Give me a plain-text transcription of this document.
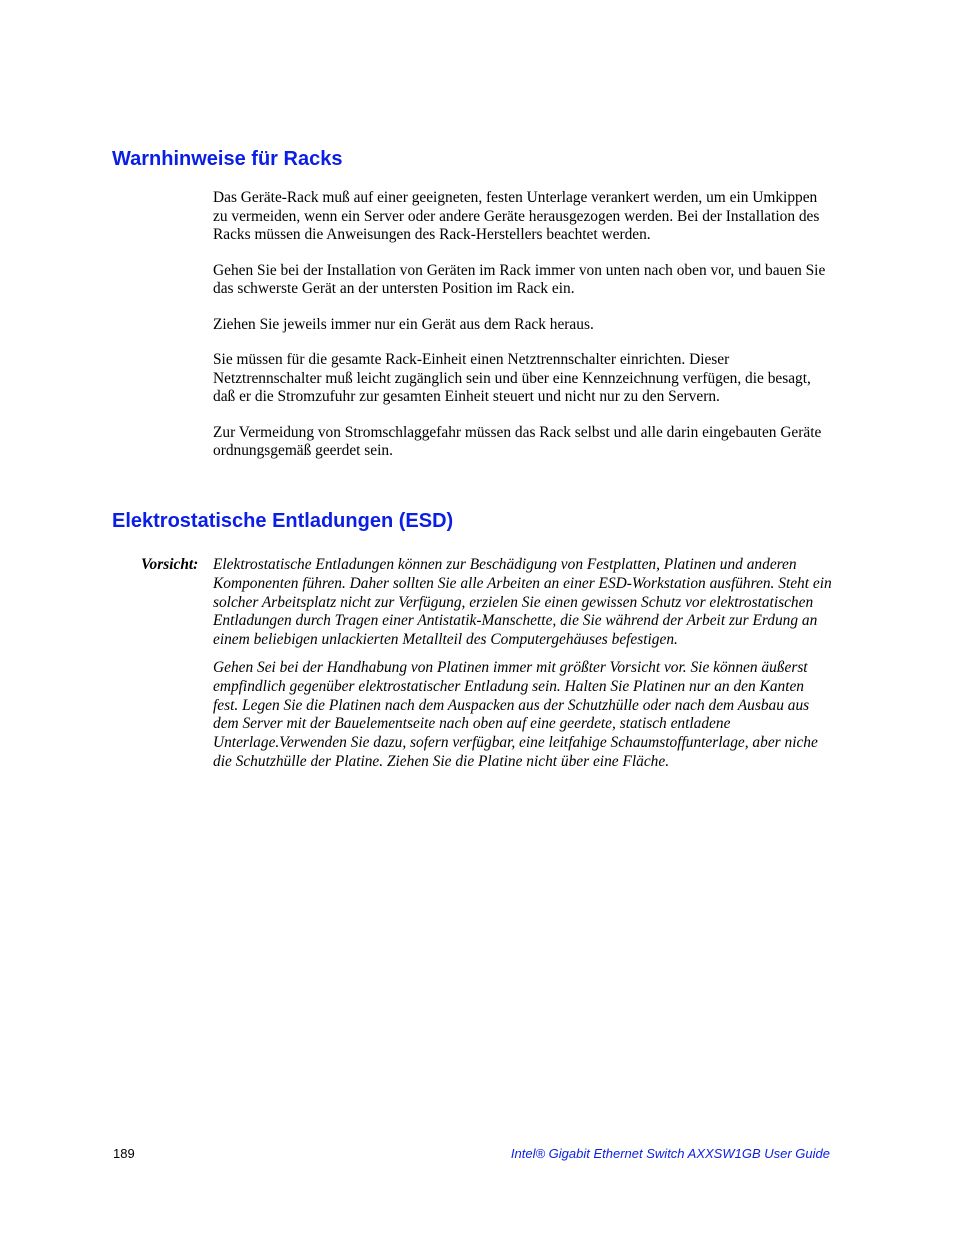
Warnhinweise für Racks

Das Geräte-Rack muß auf einer geeigneten, festen Unterlage verankert werden, um ein Umkippen zu vermeiden, wenn ein Server oder andere Geräte herausgezogen werden. Bei der Installation des Racks müssen die Anweisungen des Rack-Herstellers beachtet werden.

Gehen Sie bei der Installation von Geräten im Rack immer von unten nach oben vor, und bauen Sie das schwerste Gerät an der untersten Position im Rack ein.

Ziehen Sie jeweils immer nur ein Gerät aus dem Rack heraus.

Sie müssen für die gesamte Rack-Einheit einen Netztrennschalter einrichten. Dieser Netztrennschalter muß leicht zugänglich sein und über eine Kennzeichnung verfügen, die besagt, daß er die Stromzufuhr zur gesamten Einheit steuert und nicht nur zu den Servern.

Zur Vermeidung von Stromschlaggefahr müssen das Rack selbst und alle darin eingebauten Geräte ordnungsgemäß geerdet sein.

Elektrostatische Entladungen (ESD)
Vorsicht: Elektrostatische Entladungen können zur Beschädigung von Festplatten, Platinen und anderen Komponenten führen. Daher sollten Sie alle Arbeiten an einer ESD-Workstation ausführen. Steht ein solcher Arbeitsplatz nicht zur Verfügung, erzielen Sie einen gewissen Schutz vor elektrostatischen Entladungen durch Tragen einer Antistatik-Manschette, die Sie während der Arbeit zur Erdung an einem beliebigen unlackierten Metallteil des Computergehäuses befestigen.

Gehen Sei bei der Handhabung von Platinen immer mit größter Vorsicht vor. Sie können äußerst empfindlich gegenüber elektrostatischer Entladung sein. Halten Sie Platinen nur an den Kanten fest. Legen Sie die Platinen nach dem Auspacken aus der Schutzhülle oder nach dem Ausbau aus dem Server mit der Bauelementseite nach oben auf eine geerdete, statisch entladene Unterlage.Verwenden Sie dazu, sofern verfügbar, eine leitfahige Schaumstoffunterlage, aber niche die Schutzhülle der Platine. Ziehen Sie die Platine nicht über eine Fläche.

189	Intel® Gigabit Ethernet Switch AXXSW1GB User Guide
